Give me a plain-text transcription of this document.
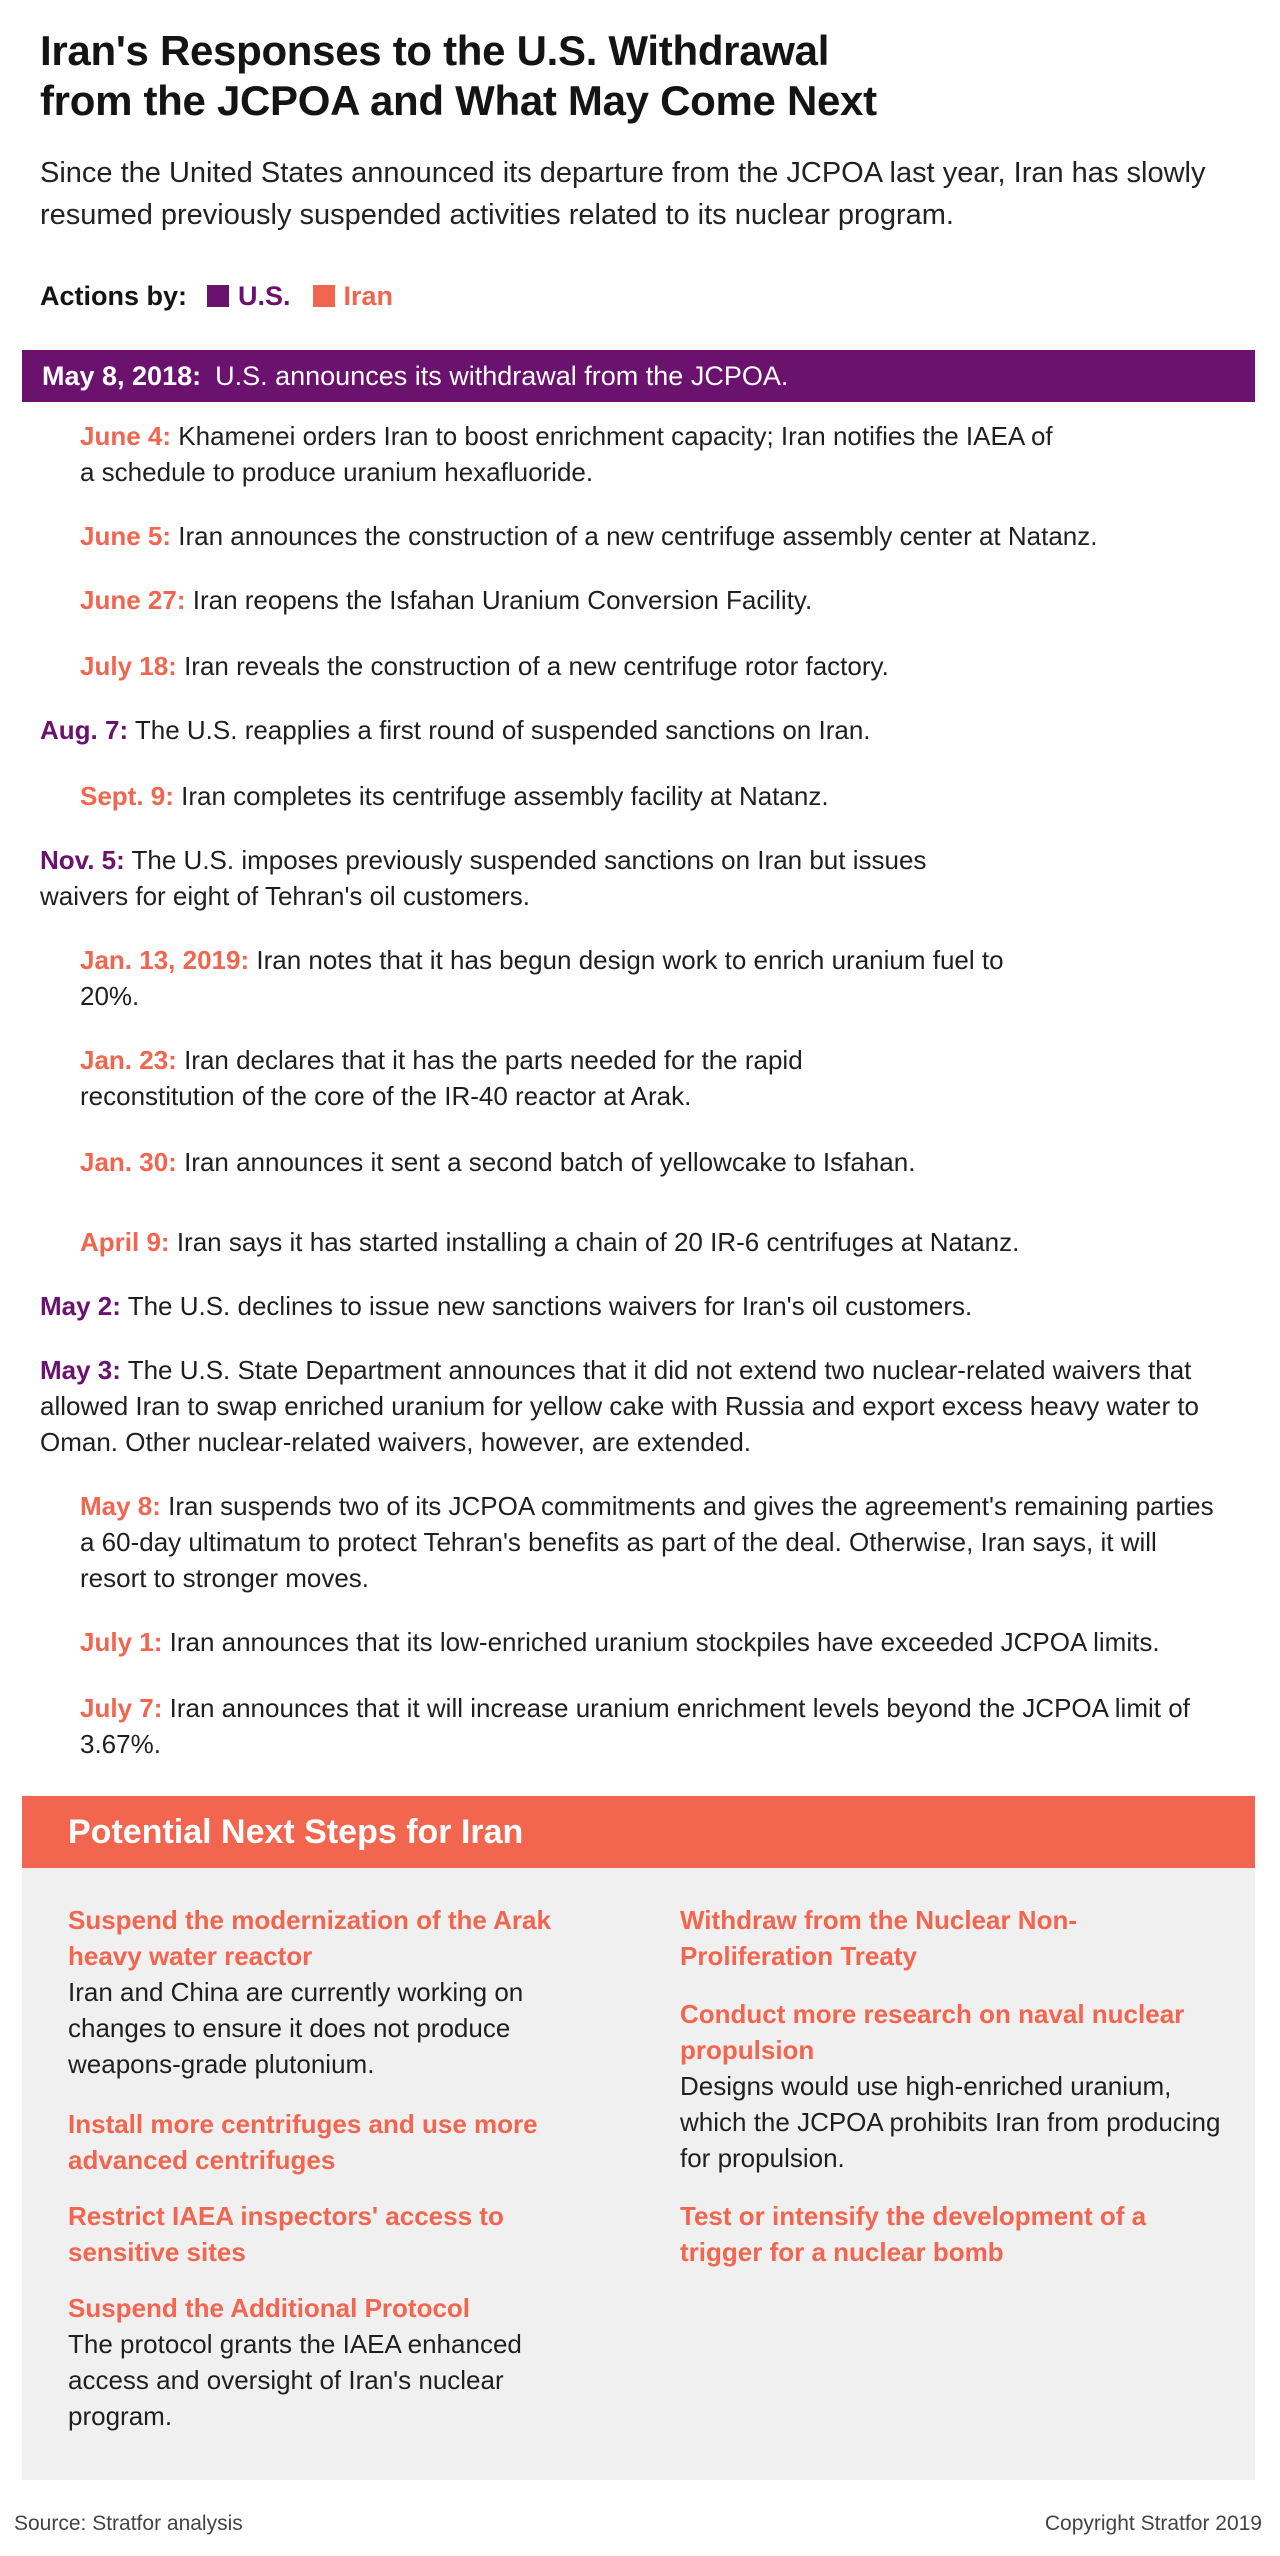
Iran's Responses to the U.S. Withdrawal
from the JCPOA and What May Come Next
Since the United States announced its departure from the JCPOA last year, Iran has slowly resumed previously suspended activities related to its nuclear program.
Actions by: U.S. Iran
May 8, 2018: U.S. announces its withdrawal from the JCPOA.
June 4: Khamenei orders Iran to boost enrichment capacity; Iran notifies the IAEA of a schedule to produce uranium hexafluoride.
June 5: Iran announces the construction of a new centrifuge assembly center at Natanz.
June 27: Iran reopens the Isfahan Uranium Conversion Facility.
July 18: Iran reveals the construction of a new centrifuge rotor factory.
Aug. 7: The U.S. reapplies a first round of suspended sanctions on Iran.
Sept. 9: Iran completes its centrifuge assembly facility at Natanz.
Nov. 5: The U.S. imposes previously suspended sanctions on Iran but issues waivers for eight of Tehran's oil customers.
Jan. 13, 2019: Iran notes that it has begun design work to enrich uranium fuel to 20%.
Jan. 23: Iran declares that it has the parts needed for the rapid reconstitution of the core of the IR-40 reactor at Arak.
Jan. 30: Iran announces it sent a second batch of yellowcake to Isfahan.
April 9: Iran says it has started installing a chain of 20 IR-6 centrifuges at Natanz.
May 2: The U.S. declines to issue new sanctions waivers for Iran's oil customers.
May 3: The U.S. State Department announces that it did not extend two nuclear-related waivers that allowed Iran to swap enriched uranium for yellow cake with Russia and export excess heavy water to Oman. Other nuclear-related waivers, however, are extended.
May 8: Iran suspends two of its JCPOA commitments and gives the agreement's remaining parties a 60-day ultimatum to protect Tehran's benefits as part of the deal. Otherwise, Iran says, it will resort to stronger moves.
July 1: Iran announces that its low-enriched uranium stockpiles have exceeded JCPOA limits.
July 7: Iran announces that it will increase uranium enrichment levels beyond the JCPOA limit of 3.67%.
Potential Next Steps for Iran
Suspend the modernization of the Arak heavy water reactor
Iran and China are currently working on changes to ensure it does not produce weapons-grade plutonium.
Install more centrifuges and use more advanced centrifuges
Restrict IAEA inspectors' access to sensitive sites
Suspend the Additional Protocol
The protocol grants the IAEA enhanced access and oversight of Iran's nuclear program.
Withdraw from the Nuclear Non-Proliferation Treaty
Conduct more research on naval nuclear propulsion
Designs would use high-enriched uranium, which the JCPOA prohibits Iran from producing for propulsion.
Test or intensify the development of a trigger for a nuclear bomb
Source: Stratfor analysis	Copyright Stratfor 2019
